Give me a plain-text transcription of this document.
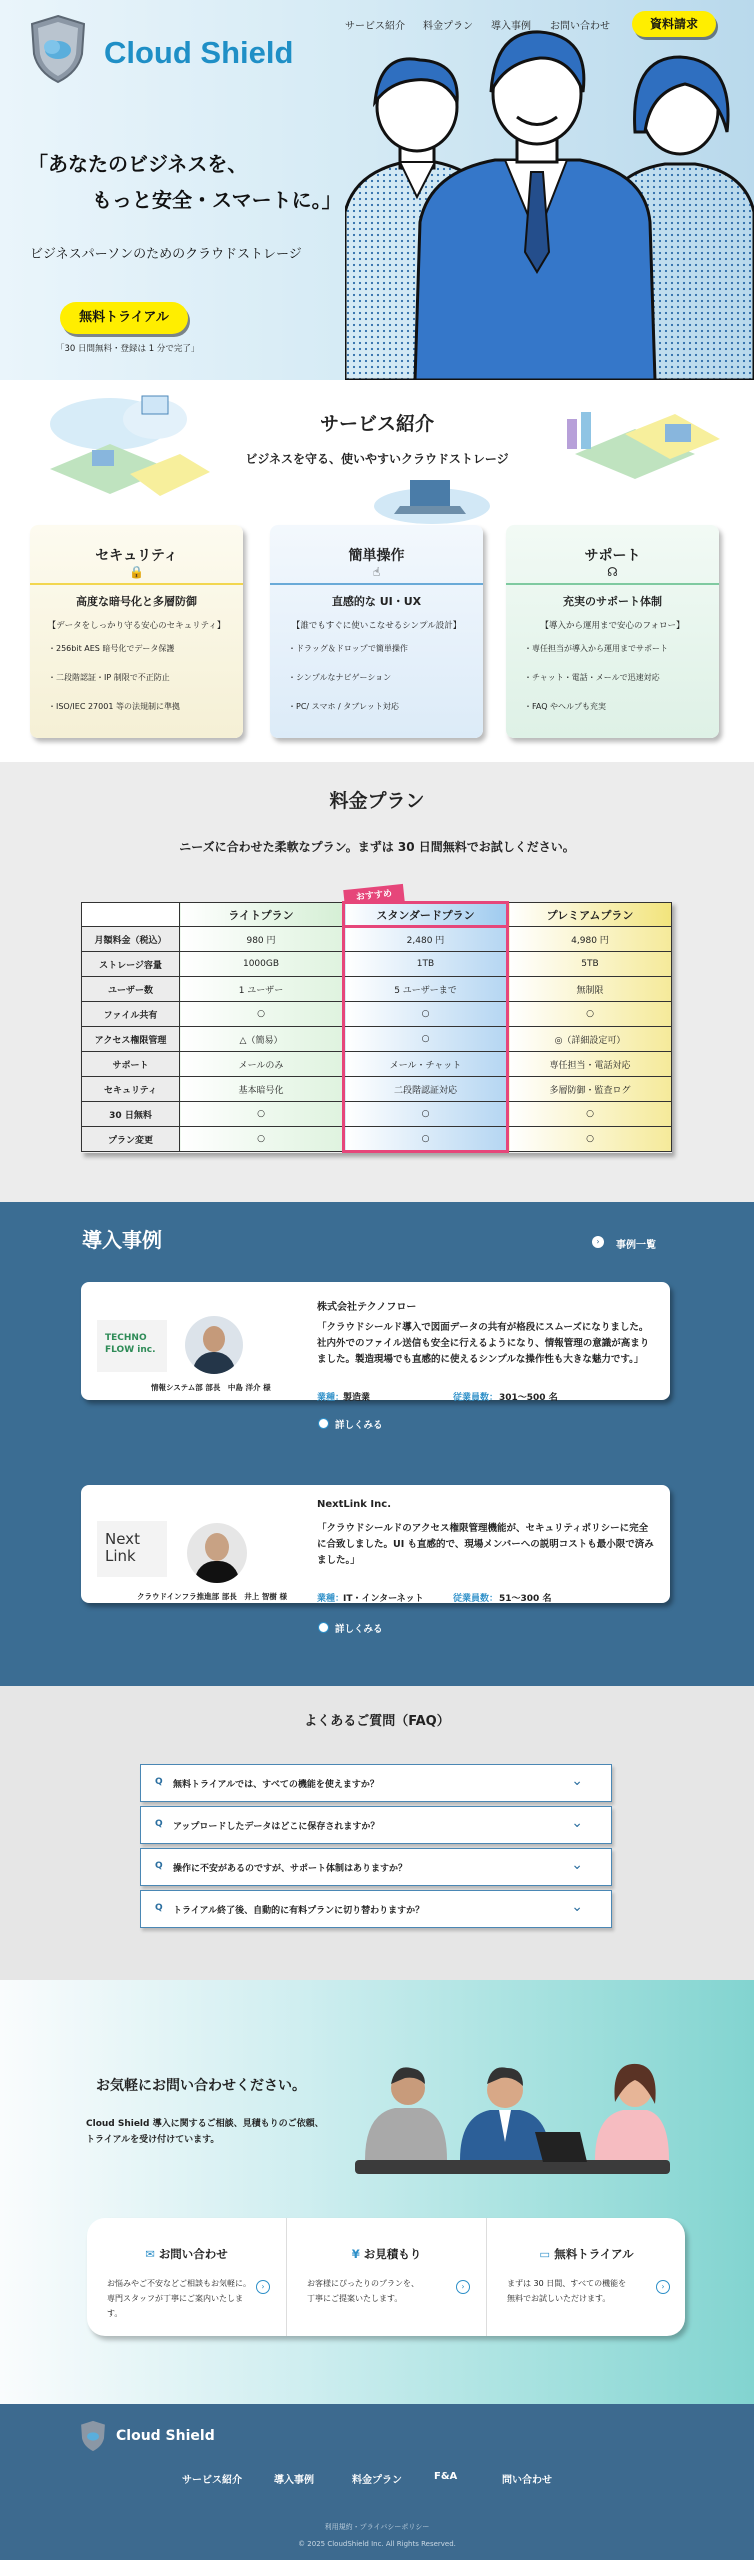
Cloud Shield
サービス紹介 料金プラン 導入事例 お問い合わせ	資料請求
「あなたのビジネスを、
もっと安全・スマートに。」
ビジネスパーソンのためのクラウドストレージ
無料トライアル
「30 日間無料・登録は 1 分で完了」
サービス紹介
ビジネスを守る、使いやすいクラウドストレージ
セキュリティ
🔒
高度な暗号化と多層防御
【データをしっかり守る安心のセキュリティ】
・256bit AES 暗号化でデータ保護
・二段階認証・IP 制限で不正防止
・ISO/IEC 27001 等の法規制に準拠
簡単操作
☝
直感的な UI・UX
【誰でもすぐに使いこなせるシンプル設計】
・ドラッグ＆ドロップで簡単操作
・シンプルなナビゲーション
・PC/ スマホ / タブレット対応
サポート
☊
充実のサポート体制
【導入から運用まで安心のフォロー】
・専任担当が導入から運用までサポート
・チャット・電話・メールで迅速対応
・FAQ やヘルプも充実
料金プラン
ニーズに合わせた柔軟なプラン。まずは 30 日間無料でお試しください。
おすすめ
	ライトプラン	スタンダードプラン	プレミアムプラン
月額料金（税込）	980 円	2,480 円	4,980 円
ストレージ容量	1000GB	1TB	5TB
ユーザー数	1 ユーザー	5 ユーザーまで	無制限
ファイル共有	○	○	○
アクセス権限管理	△（簡易）	○	◎（詳細設定可）
サポート	メールのみ	メール・チャット	専任担当・電話対応
セキュリティ	基本暗号化	二段階認証対応	多層防御・監査ログ
30 日無料	○	○	○
プラン変更	○	○	○
導入事例	›	事例一覧
TECHNO FLOW inc.
情報システム部 部長　中島 洋介 様
株式会社テクノフロー
「クラウドシールド導入で図面データの共有が格段にスムーズになりました。社内外でのファイル送信も安全に行えるようになり、情報管理の意識が高まりました。製造現場でも直感的に使えるシンプルな操作性も大きな魅力です。」
業種：
製造業	従業員数： 301〜500 名
詳しくみる
Next Link
クラウドインフラ推進部 部長　井上 智樹 様
NextLink Inc.
「クラウドシールドのアクセス権限管理機能が、セキュリティポリシーに完全に合致しました。UI も直感的で、現場メンバーへの説明コストも最小限で済みました。」
業種：
IT・インターネット	従業員数： 51〜300 名
詳しくみる
よくあるご質問（FAQ）
Q 無料トライアルでは、すべての機能を使えますか？	⌄
Q アップロードしたデータはどこに保存されますか？	⌄
Q 操作に不安があるのですが、サポート体制はありますか？	⌄
Q トライアル終了後、自動的に有料プランに切り替わりますか？	⌄
お気軽にお問い合わせください。
Cloud Shield 導入に関するご相談、見積もりのご依頼、
トライアルを受け付けています。
✉ お問い合わせ

お悩みやご不安などご相談もお気軽に。
専門スタッフが丁寧にご案内いたします。

›
¥ お見積もり

お客様にぴったりのプランを、
丁寧にご提案いたします。

›
▭ 無料トライアル

まずは 30 日間、すべての機能を
無料でお試しいただけます。

›
Cloud Shield
サービス紹介	導入事例	料金プラン	F&A	問い合わせ
利用規約・プライバシーポリシー
© 2025 CloudShield Inc. All Rights Reserved.
